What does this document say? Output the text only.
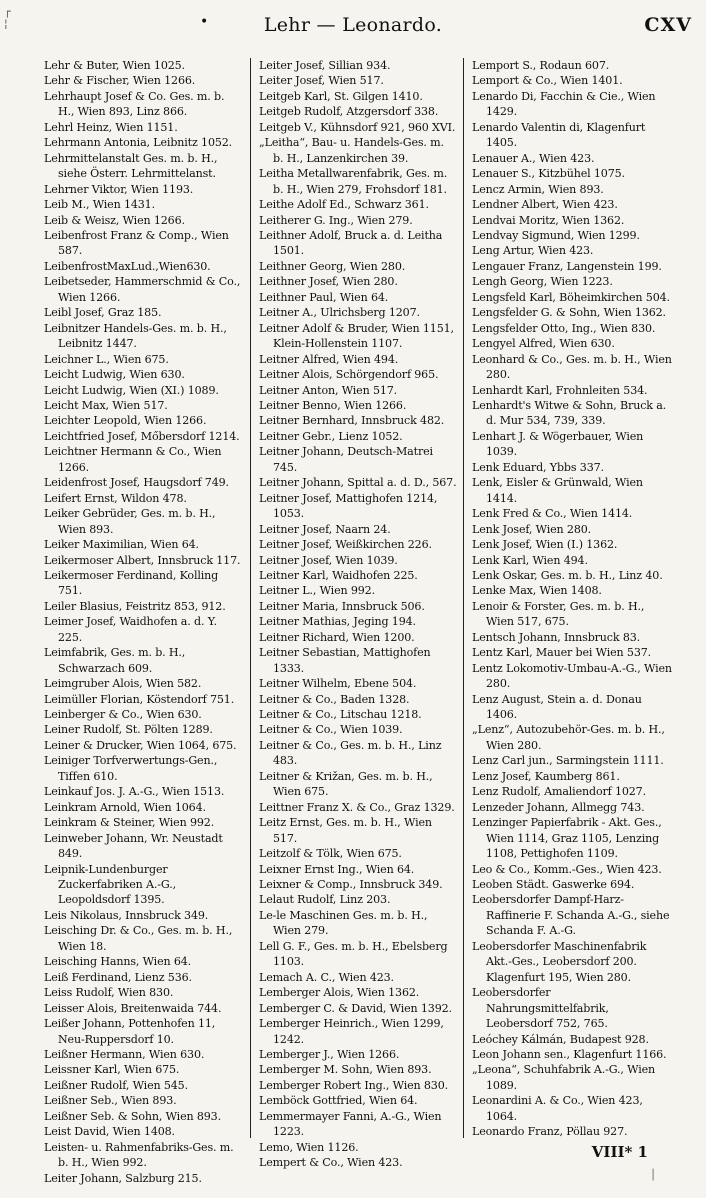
┌
¦	•	Lehr — Leonardo.	CXV
Lehr & Buter, Wien 1025.
Lehr & Fischer, Wien 1266.
Lehrhaupt Josef & Co. Ges. m. b. H., Wien 893, Linz 866.
Lehrl Heinz, Wien 1151.
Lehrmann Antonia, Leibnitz 1052.
Lehrmittelanstalt Ges. m. b. H., siehe Österr. Lehrmittelanst.
Lehrner Viktor, Wien 1193.
Leib M., Wien 1431.
Leib & Weisz, Wien 1266.
Leibenfrost Franz & Comp., Wien 587.
LeibenfrostMaxLud.,Wien630.
Leibetseder, Hammerschmid & Co., Wien 1266.
Leibl Josef, Graz 185.
Leibnitzer Handels-Ges. m. b. H., Leibnitz 1447.
Leichner L., Wien 675.
Leicht Ludwig, Wien 630.
Leicht Ludwig, Wien (XI.) 1089.
Leicht Max, Wien 517.
Leichter Leopold, Wien 1266.
Leichtfried Josef, Mőbersdorf 1214.
Leichtner Hermann & Co., Wien 1266.
Leidenfrost Josef, Haugsdorf 749.
Leifert Ernst, Wildon 478.
Leiker Gebrüder, Ges. m. b. H., Wien 893.
Leiker Maximilian, Wien 64.
Leikermoser Albert, Innsbruck 117.
Leikermoser Ferdinand, Kolling 751.
Leiler Blasius, Feistritz 853, 912.
Leimer Josef, Waidhofen a. d. Y. 225.
Leimfabrik, Ges. m. b. H., Schwarzach 609.
Leimgruber Alois, Wien 582.
Leimüller Florian, Köstendorf 751.
Leinberger & Co., Wien 630.
Leiner Rudolf, St. Pölten 1289.
Leiner & Drucker, Wien 1064, 675.
Leiniger Torfverwertungs-Gen., Tiffen 610.
Leinkauf Jos. J. A.-G., Wien 1513.
Leinkram Arnold, Wien 1064.
Leinkram & Steiner, Wien 992.
Leinweber Johann, Wr. Neustadt 849.
Leipnik-Lundenburger Zuckerfabriken A.-G., Leopoldsdorf 1395.
Leis Nikolaus, Innsbruck 349.
Leisching Dr. & Co., Ges. m. b. H., Wien 18.
Leisching Hanns, Wien 64.
Leiß Ferdinand, Lienz 536.
Leiss Rudolf, Wien 830.
Leisser Alois, Breitenwaida 744.
Leißer Johann, Pottenhofen 11, Neu-Ruppersdorf 10.
Leißner Hermann, Wien 630.
Leissner Karl, Wien 675.
Leißner Rudolf, Wien 545.
Leißner Seb., Wien 893.
Leißner Seb. & Sohn, Wien 893.
Leist David, Wien 1408.
Leisten- u. Rahmenfabriks-Ges. m. b. H., Wien 992.
Leiter Johann, Salzburg 215.
Leiter Josef, Sillian 934.
Leiter Josef, Wien 517.
Leitgeb Karl, St. Gilgen 1410.
Leitgeb Rudolf, Atzgersdorf 338.
Leitgeb V., Kühnsdorf 921, 960 XVI.
„Leitha“, Bau- u. Handels-Ges. m. b. H., Lanzenkirchen 39.
Leitha Metallwarenfabrik, Ges. m. b. H., Wien 279, Frohsdorf 181.
Leithe Adolf Ed., Schwarz 361.
Leitherer G. Ing., Wien 279.
Leithner Adolf, Bruck a. d. Leitha 1501.
Leithner Georg, Wien 280.
Leithner Josef, Wien 280.
Leithner Paul, Wien 64.
Leitner A., Ulrichsberg 1207.
Leitner Adolf & Bruder, Wien 1151, Klein-Hollenstein 1107.
Leitner Alfred, Wien 494.
Leitner Alois, Schörgendorf 965.
Leitner Anton, Wien 517.
Leitner Benno, Wien 1266.
Leitner Bernhard, Innsbruck 482.
Leitner Gebr., Lienz 1052.
Leitner Johann, Deutsch-Matrei 745.
Leitner Johann, Spittal a. d. D., 567.
Leitner Josef, Mattighofen 1214, 1053.
Leitner Josef, Naarn 24.
Leitner Josef, Weißkirchen 226.
Leitner Josef, Wien 1039.
Leitner Karl, Waidhofen 225.
Leitner L., Wien 992.
Leitner Maria, Innsbruck 506.
Leitner Mathias, Jeging 194.
Leitner Richard, Wien 1200.
Leitner Sebastian, Mattighofen 1333.
Leitner Wilhelm, Ebene 504.
Leitner & Co., Baden 1328.
Leitner & Co., Litschau 1218.
Leitner & Co., Wien 1039.
Leitner & Co., Ges. m. b. H., Linz 483.
Leitner & Križan, Ges. m. b. H., Wien 675.
Leittner Franz X. & Co., Graz 1329.
Leitz Ernst, Ges. m. b. H., Wien 517.
Leitzolf & Tölk, Wien 675.
Leixner Ernst Ing., Wien 64.
Leixner & Comp., Innsbruck 349.
Lelaut Rudolf, Linz 203.
Le-le Maschinen Ges. m. b. H., Wien 279.
Lell G. F., Ges. m. b. H., Ebelsberg 1103.
Lemach A. C., Wien 423.
Lemberger Alois, Wien 1362.
Lemberger C. & David, Wien 1392.
Lemberger Heinrich., Wien 1299, 1242.
Lemberger J., Wien 1266.
Lemberger M. Sohn, Wien 893.
Lemberger Robert Ing., Wien 830.
Lemböck Gottfried, Wien 64.
Lemmermayer Fanni, A.-G., Wien 1223.
Lemo, Wien 1126.
Lempert & Co., Wien 423.
Lemport S., Rodaun 607.
Lemport & Co., Wien 1401.
Lenardo Di, Facchin & Cie., Wien 1429.
Lenardo Valentin di, Klagenfurt 1405.
Lenauer A., Wien 423.
Lenauer S., Kitzbühel 1075.
Lencz Armin, Wien 893.
Lendner Albert, Wien 423.
Lendvai Moritz, Wien 1362.
Lendvay Sigmund, Wien 1299.
Leng Artur, Wien 423.
Lengauer Franz, Langenstein 199.
Lengh Georg, Wien 1223.
Lengsfeld Karl, Böheimkirchen 504.
Lengsfelder G. & Sohn, Wien 1362.
Lengsfelder Otto, Ing., Wien 830.
Lengyel Alfred, Wien 630.
Leonhard & Co., Ges. m. b. H., Wien 280.
Lenhardt Karl, Frohnleiten 534.
Lenhardt's Witwe & Sohn, Bruck a. d. Mur 534, 739, 339.
Lenhart J. & Wögerbauer, Wien 1039.
Lenk Eduard, Ybbs 337.
Lenk, Eisler & Grünwald, Wien 1414.
Lenk Fred & Co., Wien 1414.
Lenk Josef, Wien 280.
Lenk Josef, Wien (I.) 1362.
Lenk Karl, Wien 494.
Lenk Oskar, Ges. m. b. H., Linz 40.
Lenke Max, Wien 1408.
Lenoir & Forster, Ges. m. b. H., Wien 517, 675.
Lentsch Johann, Innsbruck 83.
Lentz Karl, Mauer bei Wien 537.
Lentz Lokomotiv-Umbau-A.-G., Wien 280.
Lenz August, Stein a. d. Donau 1406.
„Lenz“, Autozubehör-Ges. m. b. H., Wien 280.
Lenz Carl jun., Sarmingstein 1111.
Lenz Josef, Kaumberg 861.
Lenz Rudolf, Amaliendorf 1027.
Lenzeder Johann, Allmegg 743.
Lenzinger Papierfabrik - Akt. Ges., Wien 1114, Graz 1105, Lenzing 1108, Pettighofen 1109.
Leo & Co., Komm.-Ges., Wien 423.
Leoben Städt. Gaswerke 694.
Leobersdorfer Dampf-Harz-Raffinerie F. Schanda A.-G., siehe Schanda F. A.-G.
Leobersdorfer Maschinenfabrik Akt.-Ges., Leobersdorf 200. Klagenfurt 195, Wien 280.
Leobersdorfer Nahrungsmittelfabrik, Leobersdorf 752, 765.
Leóchey Kálmán, Budapest 928.
Leon Johann sen., Klagenfurt 1166.
„Leona“, Schuhfabrik A.-G., Wien 1089.
Leonardini A. & Co., Wien 423, 1064.
Leonardo Franz, Pöllau 927.
VIII* 1
│
